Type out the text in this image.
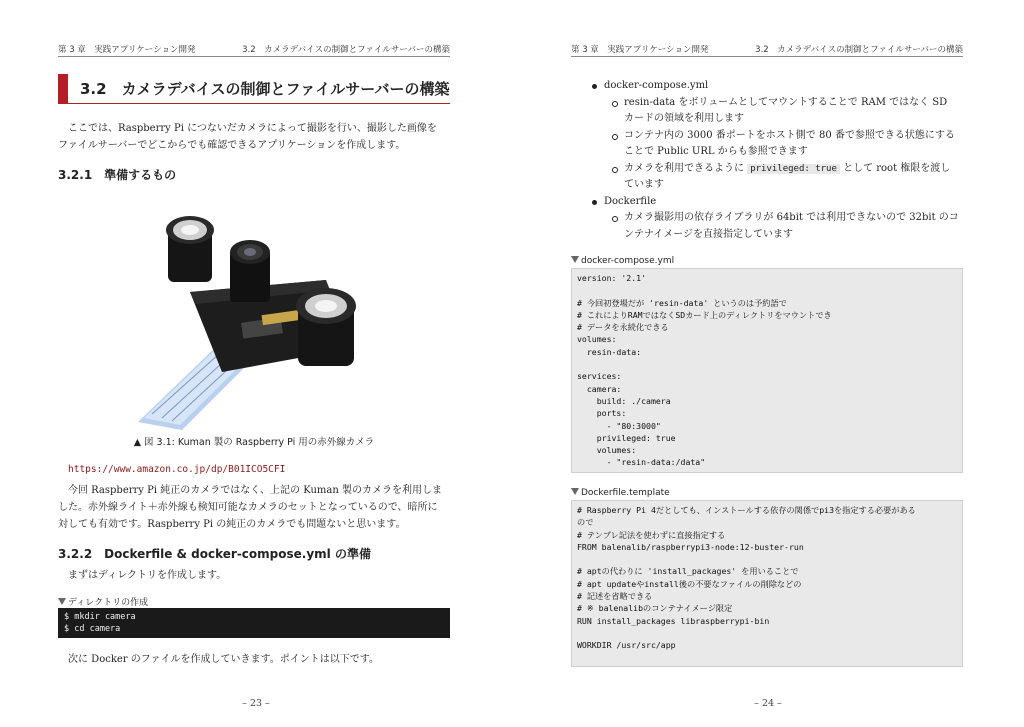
第 3 章　実践アプリケーション開発	3.2　カメラデバイスの制御とファイルサーバーの構築
3.2　カメラデバイスの制御とファイルサーバーの構築
ここでは、Raspberry Pi につないだカメラによって撮影を行い、撮影した画像を
ファイルサーバーでどこからでも確認できるアプリケーションを作成します。
3.2.1　準備するもの
▲ 図 3.1: Kuman 製の Raspberry Pi 用の赤外線カメラ
https://www.amazon.co.jp/dp/B01ICO5CFI
今回 Raspberry Pi 純正のカメラではなく、上記の Kuman 製のカメラを利用しま
した。赤外線ライト＋赤外線も検知可能なカメラのセットとなっているので、暗所に
対しても有効です。Raspberry Pi の純正のカメラでも問題ないと思います。
3.2.2　Dockerfile & docker-compose.yml の準備
まずはディレクトリを作成します。
ディレクトリの作成
$ mkdir camera
$ cd camera
次に Docker のファイルを作成していきます。ポイントは以下です。
– 23 –
第 3 章　実践アプリケーション開発	3.2　カメラデバイスの制御とファイルサーバーの構築
– 24 –
docker-compose.yml
resin-data をボリュームとしてマウントすることで RAM ではなく SD
カードの領域を利用します
コンテナ内の 3000 番ポートをホスト側で 80 番で参照できる状態にする
ことで Public URL からも参照できます
カメラを利用できるように privileged: true として root 権限を渡し
ています
Dockerfile
カメラ撮影用の依存ライブラリが 64bit では利用できないので 32bit のコ
ンテナイメージを直接指定しています
docker-compose.yml
version: '2.1'
# 今回初登場だが 'resin-data' というのは予約語で
# これによりRAMではなくSDカード上のディレクトリをマウントでき
# データを永続化できる
volumes:
resin-data:
services:
camera:
build: ./camera
ports:
- "80:3000"
privileged: true
volumes:
- "resin-data:/data"
Dockerfile.template
# Raspberry Pi 4だとしても、インストールする依存の関係でpi3を指定する必要がある
ので
# テンプレ記法を使わずに直接指定する
FROM balenalib/raspberrypi3-node:12-buster-run
# aptの代わりに 'install_packages' を用いることで
# apt updateやinstall後の不要なファイルの削除などの
# 記述を省略できる
# ※ balenalibのコンテナイメージ限定
RUN install_packages libraspberrypi-bin
WORKDIR /usr/src/app
